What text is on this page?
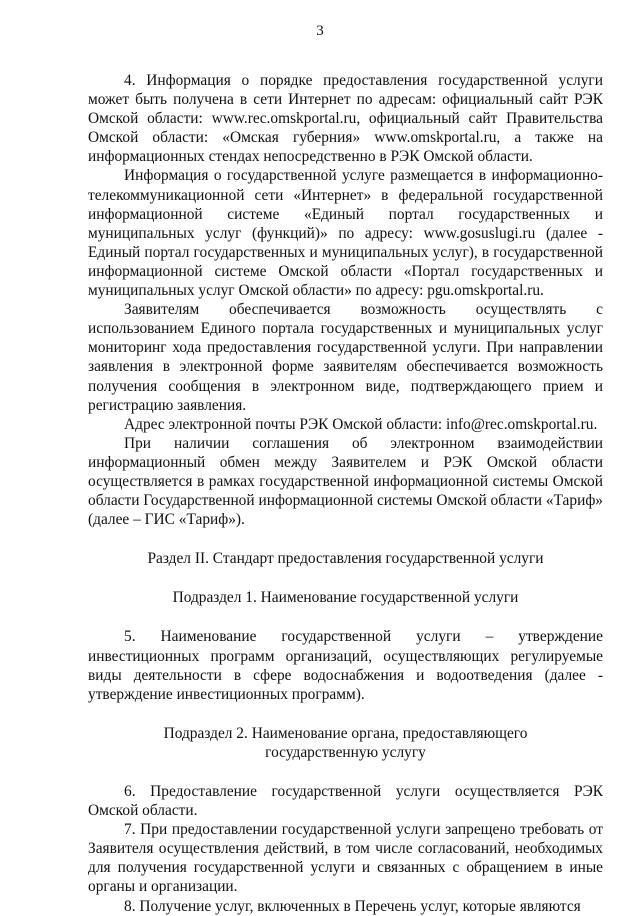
3

4. Информация о порядке предоставления государственной услуги может быть получена в сети Интернет по адресам: официальный сайт РЭК Омской области: www.rec.omskportal.ru, официальный сайт Правительства Омской области: «Омская губерния» www.omskportal.ru, а также на информационных стендах непосредственно в РЭК Омской области.

Информация о государственной услуге размещается в информационно-телекоммуникационной сети «Интернет» в федеральной государственной информационной системе «Единый портал государственных и муниципальных услуг (функций)» по адресу: www.gosuslugi.ru (далее - Единый портал государственных и муниципальных услуг), в государственной информационной системе Омской области «Портал государственных и муниципальных услуг Омской области» по адресу: pgu.omskportal.ru.

Заявителям обеспечивается возможность осуществлять с использованием Единого портала государственных и муниципальных услуг мониторинг хода предоставления государственной услуги. При направлении заявления в электронной форме заявителям обеспечивается возможность получения сообщения в электронном виде, подтверждающего прием и регистрацию заявления.

Адрес электронной почты РЭК Омской области: info@rec.omskportal.ru.

При наличии соглашения об электронном взаимодействии информационный обмен между Заявителем и РЭК Омской области осуществляется в рамках государственной информационной системы Омской области Государственной информационной системы Омской области «Тариф» (далее – ГИС «Тариф»).

Раздел II. Стандарт предоставления государственной услуги
Подраздел 1. Наименование государственной услуги

5. Наименование государственной услуги – утверждение инвестиционных программ организаций, осуществляющих регулируемые виды деятельности в сфере водоснабжения и водоотведения (далее - утверждение инвестиционных программ).

Подраздел 2. Наименование органа, предоставляющего государственную услугу

6. Предоставление государственной услуги осуществляется РЭК Омской области.

7. При предоставлении государственной услуги запрещено требовать от Заявителя осуществления действий, в том числе согласований, необходимых для получения государственной услуги и связанных с обращением в иные органы и организации.

8. Получение услуг, включенных в Перечень услуг, которые являются
